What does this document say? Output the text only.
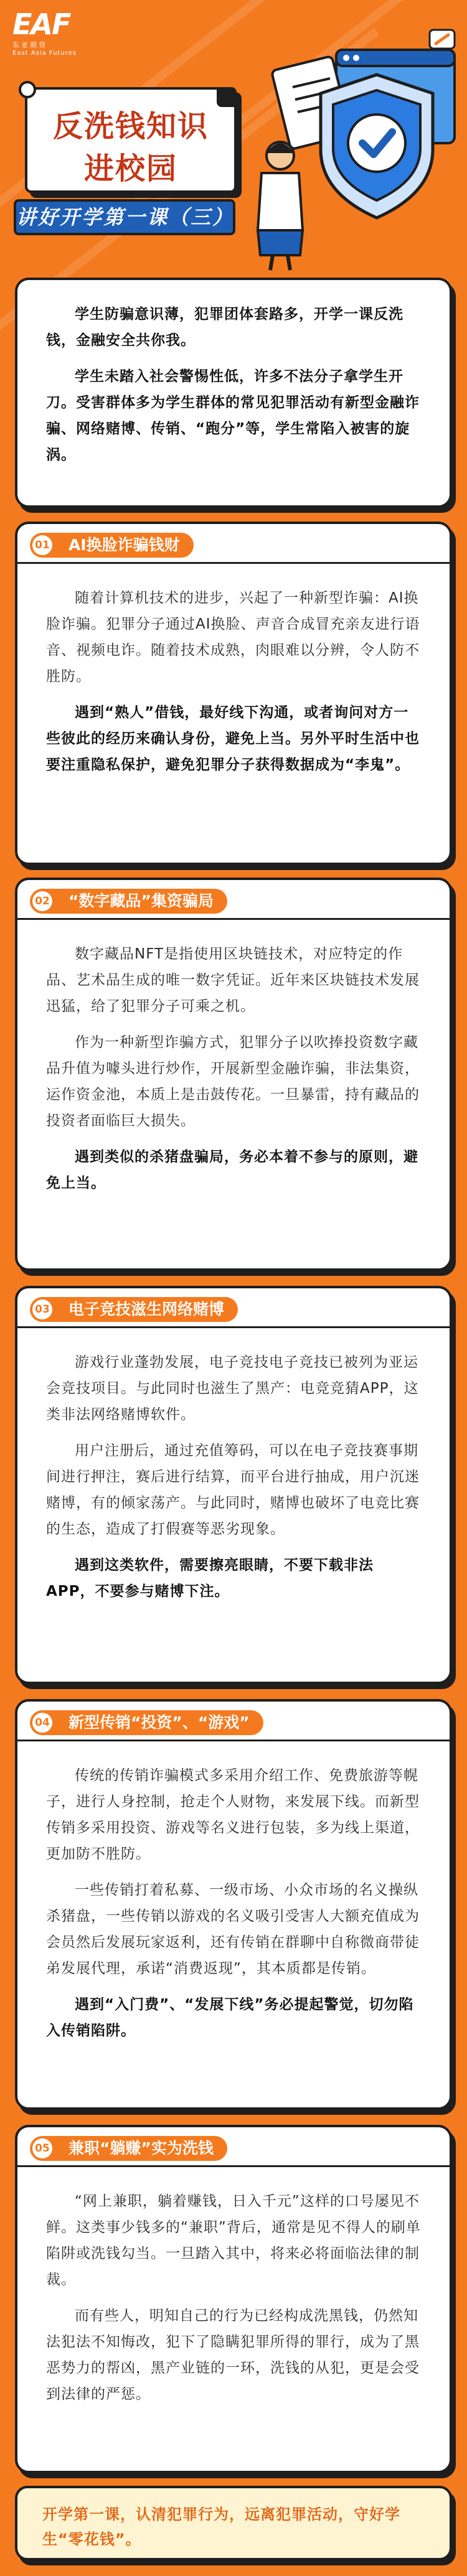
EAF
东亚期货
East Asia Futures
反洗钱知识
进校园
讲好开学第一课（三）

学生防骗意识薄，犯罪团体套路多，开学一课反洗钱，金融安全共你我。

学生未踏入社会警惕性低，许多不法分子拿学生开刀。受害群体多为学生群体的常见犯罪活动有新型金融诈骗、网络赌博、传销、“跑分”等，学生常陷入被害的旋涡。

01 AI换脸诈骗钱财

随着计算机技术的进步，兴起了一种新型诈骗：AI换脸诈骗。犯罪分子通过AI换脸、声音合成冒充亲友进行语音、视频电诈。随着技术成熟，肉眼难以分辨，令人防不胜防。

遇到“熟人”借钱，最好线下沟通，或者询问对方一些彼此的经历来确认身份，避免上当。另外平时生活中也要注重隐私保护，避免犯罪分子获得数据成为“李鬼”。

02 “数字藏品”集资骗局

数字藏品NFT是指使用区块链技术，对应特定的作品、艺术品生成的唯一数字凭证。近年来区块链技术发展迅猛，给了犯罪分子可乘之机。

作为一种新型诈骗方式，犯罪分子以吹捧投资数字藏品升值为噱头进行炒作，开展新型金融诈骗，非法集资，运作资金池，本质上是击鼓传花。一旦暴雷，持有藏品的投资者面临巨大损失。

遇到类似的杀猪盘骗局，务必本着不参与的原则，避免上当。

03 电子竞技滋生网络赌博

游戏行业蓬勃发展，电子竞技电子竞技已被列为亚运会竞技项目。与此同时也滋生了黑产：电竞竞猜APP，这类非法网络赌博软件。

用户注册后，通过充值筹码，可以在电子竞技赛事期间进行押注，赛后进行结算，而平台进行抽成，用户沉迷赌博，有的倾家荡产。与此同时，赌博也破坏了电竞比赛的生态，造成了打假赛等恶劣现象。

遇到这类软件，需要擦亮眼睛，不要下载非法APP，不要参与赌博下注。

04 新型传销“投资”、“游戏”

传统的传销诈骗模式多采用介绍工作、免费旅游等幌子，进行人身控制，抢走个人财物，来发展下线。而新型传销多采用投资、游戏等名义进行包装，多为线上渠道，更加防不胜防。

一些传销打着私募、一级市场、小众市场的名义操纵杀猪盘，一些传销以游戏的名义吸引受害人大额充值成为会员然后发展玩家返利，还有传销在群聊中自称微商带徒弟发展代理，承诺“消费返现”，其本质都是传销。

遇到“入门费”、“发展下线”务必提起警觉，切勿陷入传销陷阱。

05 兼职“躺赚”实为洗钱

“网上兼职，躺着赚钱，日入千元”这样的口号屡见不鲜。这类事少钱多的“兼职”背后，通常是见不得人的刷单陷阱或洗钱勾当。一旦踏入其中，将来必将面临法律的制裁。

而有些人，明知自己的行为已经构成洗黑钱，仍然知法犯法不知悔改，犯下了隐瞒犯罪所得的罪行，成为了黑恶势力的帮凶，黑产业链的一环，洗钱的从犯，更是会受到法律的严惩。

开学第一课，认清犯罪行为，远离犯罪活动，守好学生“零花钱”。
